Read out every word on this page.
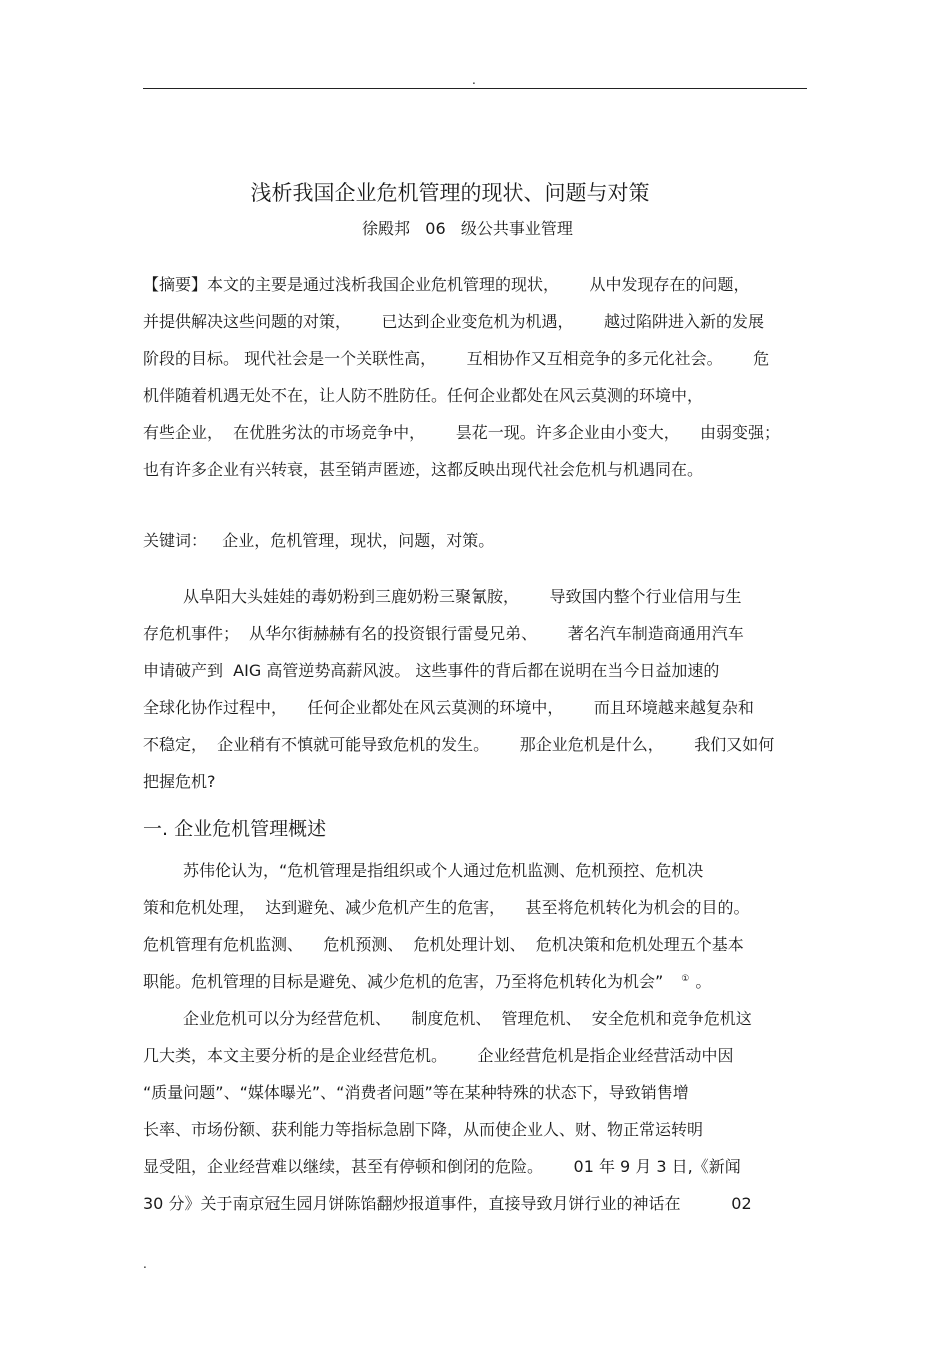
.
浅析我国企业危机管理的现状、问题与对策
徐殿邦   06   级公共事业管理
【摘要】本文的主要是通过浅析我国企业危机管理的现状，      从中发现存在的问题，
并提供解决这些问题的对策，      已达到企业变危机为机遇，      越过陷阱进入新的发展
阶段的目标。 现代社会是一个关联性高，      互相协作又互相竞争的多元化社会。      危
机伴随着机遇无处不在，让人防不胜防任。任何企业都处在风云莫测的环境中，
有些企业，  在优胜劣汰的市场竞争中，      昙花一现。许多企业由小变大，    由弱变强；
也有许多企业有兴转衰，甚至销声匿迹，这都反映出现代社会危机与机遇同在。
关键词：   企业，危机管理，现状，问题，对策。
从阜阳大头娃娃的毒奶粉到三鹿奶粉三聚氰胺，      导致国内整个行业信用与生
存危机事件；  从华尔街赫赫有名的投资银行雷曼兄弟、      著名汽车制造商通用汽车
申请破产到  AIG 高管逆势高薪风波。 这些事件的背后都在说明在当今日益加速的
全球化协作过程中，    任何企业都处在风云莫测的环境中，      而且环境越来越复杂和
不稳定，  企业稍有不慎就可能导致危机的发生。      那企业危机是什么，      我们又如何
把握危机?
一. 企业危机管理概述
苏伟伦认为，“危机管理是指组织或个人通过危机监测、危机预控、危机决
策和危机处理，  达到避免、减少危机产生的危害，    甚至将危机转化为机会的目的。
危机管理有危机监测、    危机预测、  危机处理计划、  危机决策和危机处理五个基本
职能。危机管理的目标是避免、减少危机的危害，乃至将危机转化为机会” ① 。
企业危机可以分为经营危机、    制度危机、  管理危机、  安全危机和竞争危机这
几大类，本文主要分析的是企业经营危机。      企业经营危机是指企业经营活动中因
“质量问题”、“媒体曝光”、“消费者问题”等在某种特殊的状态下，导致销售增
长率、市场份额、获利能力等指标急剧下降，从而使企业人、财、物正常运转明
显受阻，企业经营难以继续，甚至有停顿和倒闭的危险。      01 年 9 月 3 日,《新闻
30 分》关于南京冠生园月饼陈馅翻炒报道事件，直接导致月饼行业的神话在          02
.
